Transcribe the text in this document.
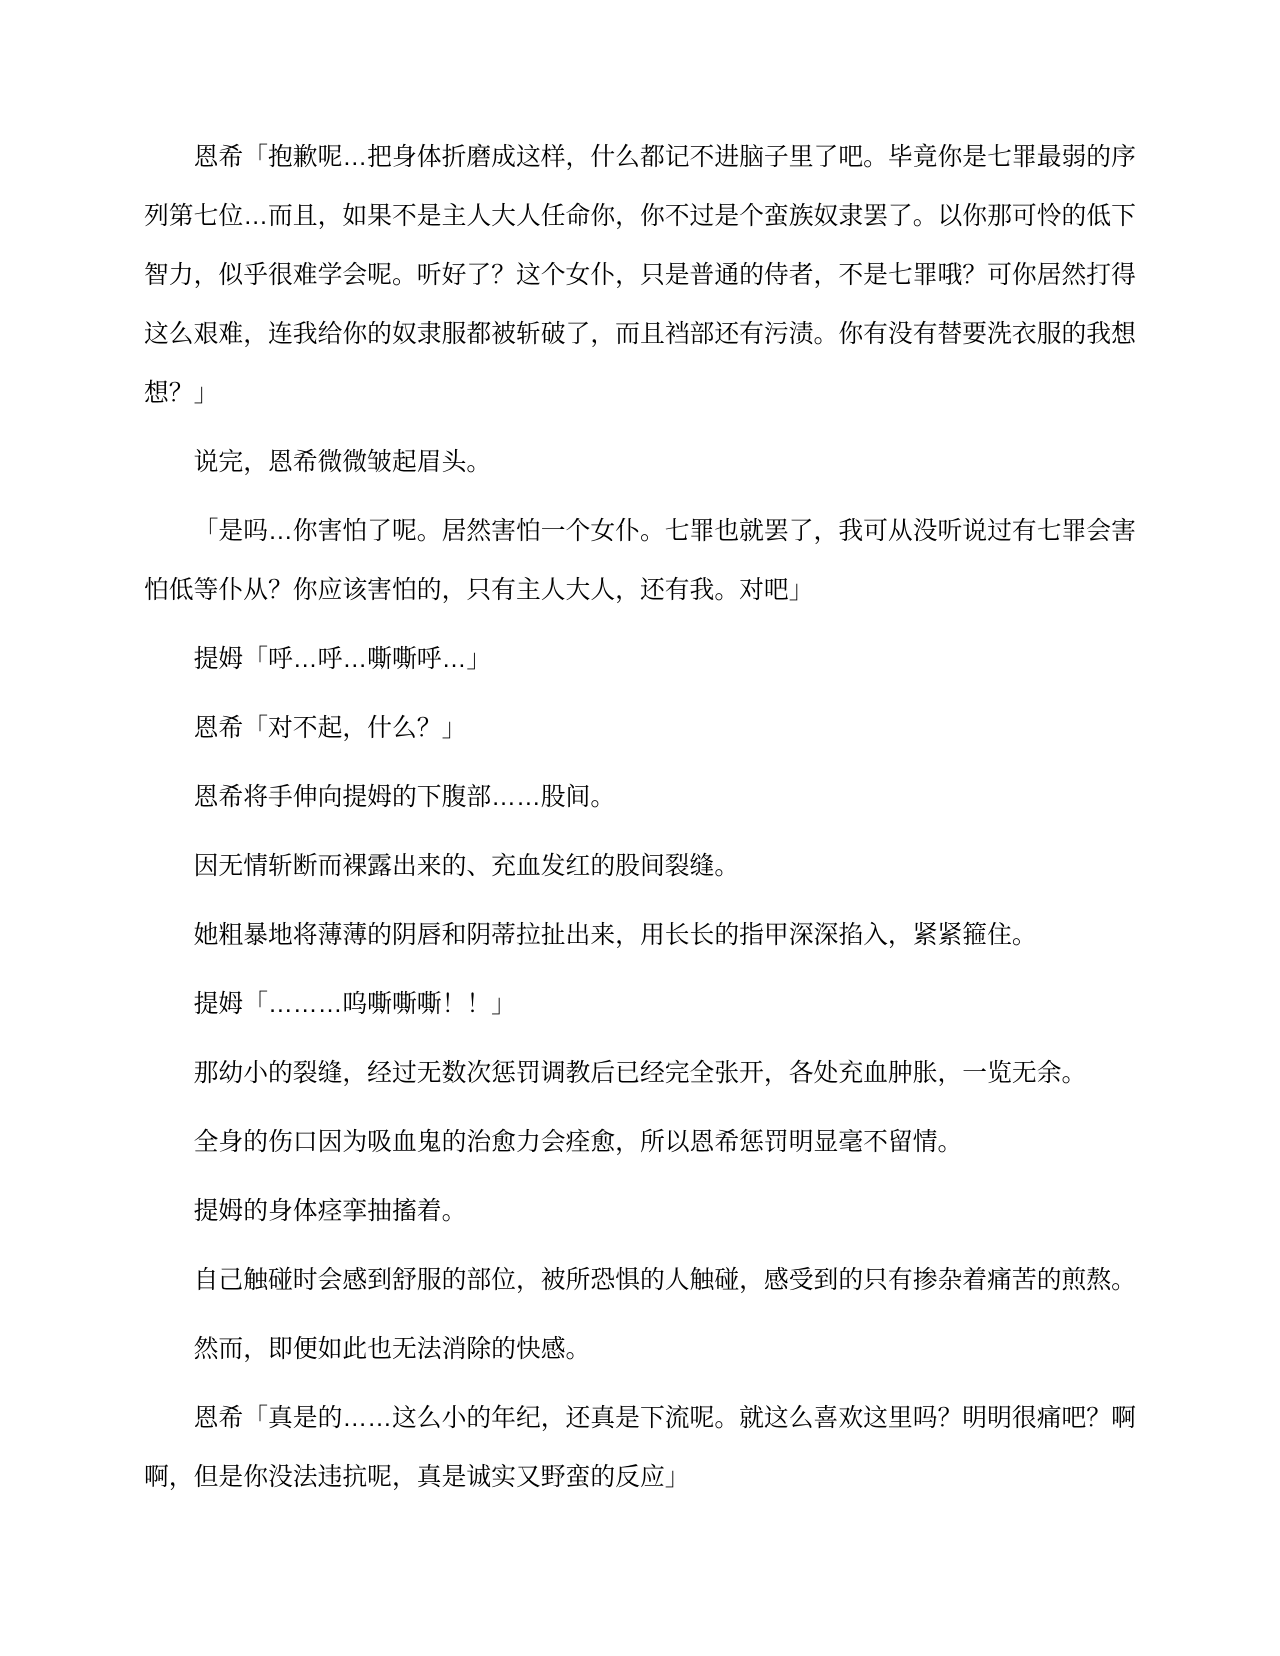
恩希「抱歉呢…把身体折磨成这样，什么都记不进脑子里了吧。毕竟你是七罪最弱的序列第七位…而且，如果不是主人大人任命你，你不过是个蛮族奴隶罢了。以你那可怜的低下智力，似乎很难学会呢。听好了？这个女仆，只是普通的侍者，不是七罪哦？可你居然打得这么艰难，连我给你的奴隶服都被斩破了，而且裆部还有污渍。你有没有替要洗衣服的我想想？」

说完，恩希微微皱起眉头。

「是吗…你害怕了呢。居然害怕一个女仆。七罪也就罢了，我可从没听说过有七罪会害怕低等仆从？你应该害怕的，只有主人大人，还有我。对吧」

提姆「呼…呼…嘶嘶呼…」

恩希「对不起，什么？」

恩希将手伸向提姆的下腹部……股间。

因无情斩断而裸露出来的、充血发红的股间裂缝。

她粗暴地将薄薄的阴唇和阴蒂拉扯出来，用长长的指甲深深掐入，紧紧箍住。

提姆「………呜嘶嘶嘶！！」

那幼小的裂缝，经过无数次惩罚调教后已经完全张开，各处充血肿胀，一览无余。

全身的伤口因为吸血鬼的治愈力会痊愈，所以恩希惩罚明显毫不留情。

提姆的身体痉挛抽搐着。

自己触碰时会感到舒服的部位，被所恐惧的人触碰，感受到的只有掺杂着痛苦的煎熬。

然而，即便如此也无法消除的快感。

恩希「真是的……这么小的年纪，还真是下流呢。就这么喜欢这里吗？明明很痛吧？啊啊，但是你没法违抗呢，真是诚实又野蛮的反应」
